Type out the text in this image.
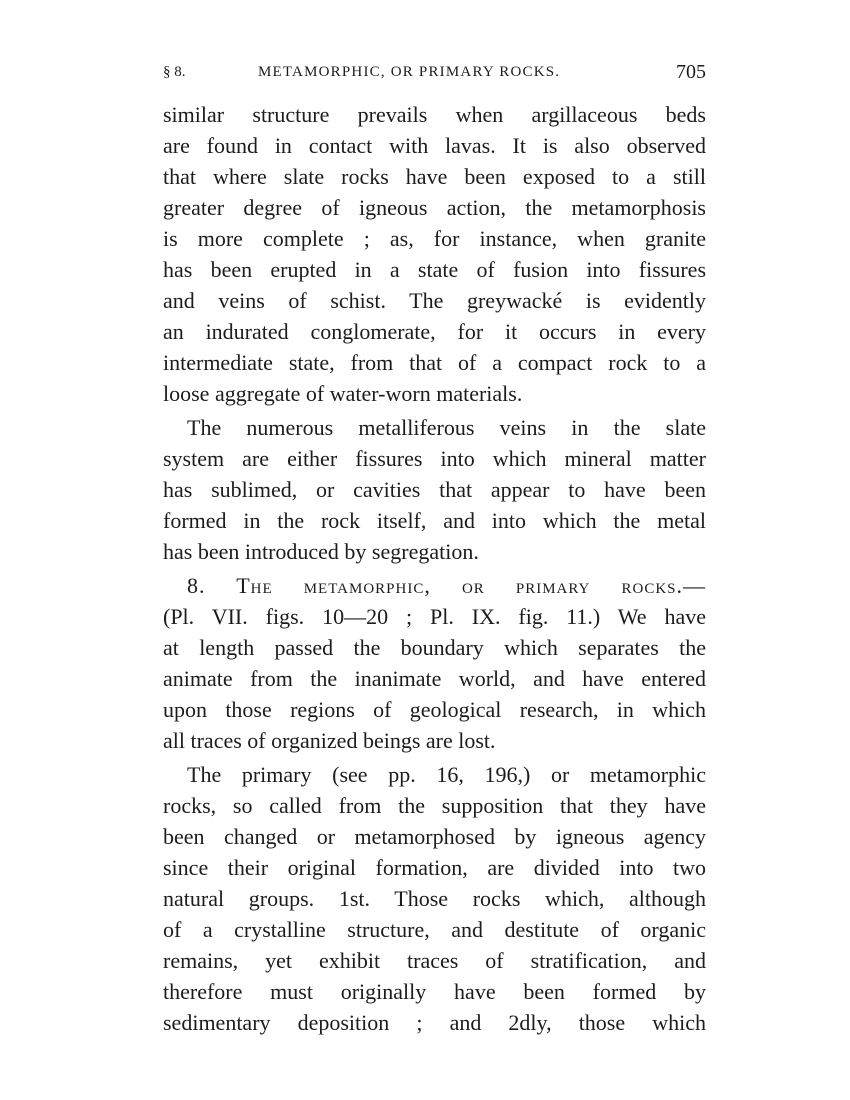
§ 8.	METAMORPHIC, OR PRIMARY ROCKS.	705
similar structure prevails when argillaceous beds
are found in contact with lavas. It is also observed
that where slate rocks have been exposed to a still
greater degree of igneous action, the metamorphosis
is more complete ; as, for instance, when granite
has been erupted in a state of fusion into fissures
and veins of schist. The greywacké is evidently
an indurated conglomerate, for it occurs in every
intermediate state, from that of a compact rock to a
loose aggregate of water-worn materials.
The numerous metalliferous veins in the slate
system are either fissures into which mineral matter
has sublimed, or cavities that appear to have been
formed in the rock itself, and into which the metal
has been introduced by segregation.
8. The metamorphic, or primary rocks.—
(Pl. VII. figs. 10—20 ; Pl. IX. fig. 11.) We have
at length passed the boundary which separates the
animate from the inanimate world, and have entered
upon those regions of geological research, in which
all traces of organized beings are lost.
The primary (see pp. 16, 196,) or metamorphic
rocks, so called from the supposition that they have
been changed or metamorphosed by igneous agency
since their original formation, are divided into two
natural groups. 1st. Those rocks which, although
of a crystalline structure, and destitute of organic
remains, yet exhibit traces of stratification, and
therefore must originally have been formed by
sedimentary deposition ; and 2dly, those which
